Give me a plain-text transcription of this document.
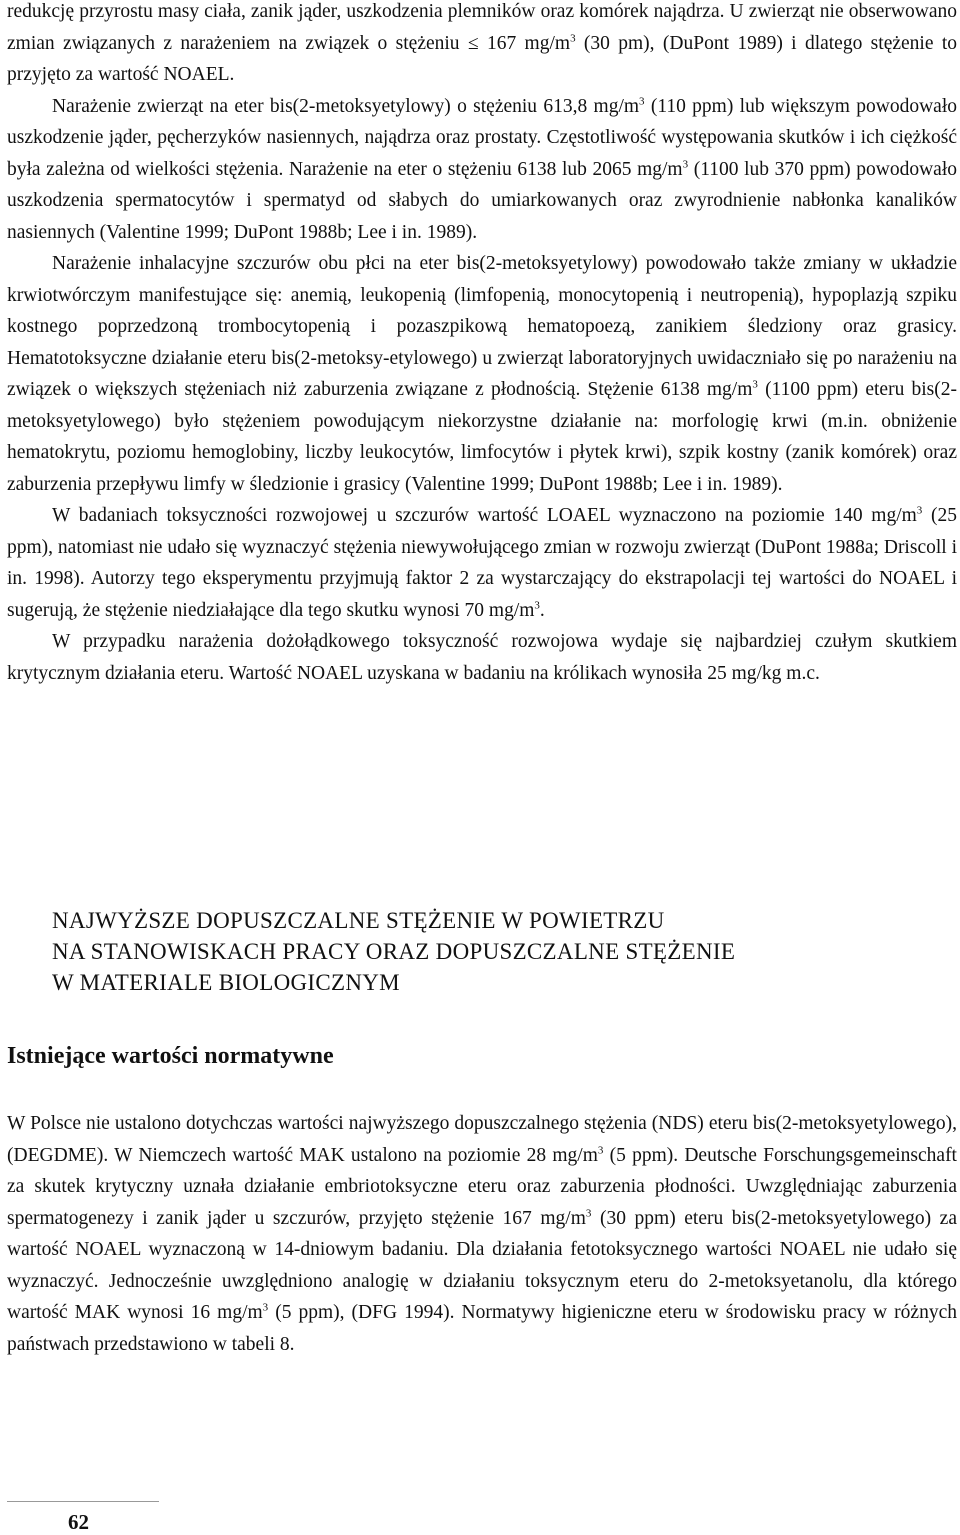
redukcję przyrostu masy ciała, zanik jąder, uszkodzenia plemników oraz komórek najądrza. U zwierząt nie obserwowano zmian związanych z narażeniem na związek o stężeniu ≤ 167 $mg/m^3$ (30 pm), (DuPont 1989) i dlatego stężenie to przyjęto za wartość NOAEL.

Narażenie zwierząt na eter bis(2-metoksyetylowy) o stężeniu 613,8 $mg/m^3$ (110 ppm) lub większym powodowało uszkodzenie jąder, pęcherzyków nasiennych, najądrza oraz prostaty. Częstotliwość występowania skutków i ich ciężkość była zależna od wielkości stężenia. Narażenie na eter o stężeniu 6138 lub 2065 $mg/m^3$ (1100 lub 370 ppm) powodowało uszkodzenia spermatocytów i spermatyd od słabych do umiarkowanych oraz zwyrodnienie nabłonka kanalików nasiennych (Valentine 1999; DuPont 1988b; Lee i in. 1989).

Narażenie inhalacyjne szczurów obu płci na eter bis(2-metoksyetylowy) powodowało także zmiany w układzie krwiotwórczym manifestujące się: anemią, leukopenią (limfopenią, monocytopenią i neutropenią), hypoplazją szpiku kostnego poprzedzoną trombocytopenią i pozaszpikową hematopoezą, zanikiem śledziony oraz grasicy. Hematotoksyczne działanie eteru bis(2-metoksy-etylowego) u zwierząt laboratoryjnych uwidaczniało się po narażeniu na związek o większych stężeniach niż zaburzenia związane z płodnością. Stężenie 6138 $mg/m^3$ (1100 ppm) eteru bis(2-metoksyetylowego) było stężeniem powodującym niekorzystne działanie na: morfologię krwi (m.in. obniżenie hematokrytu, poziomu hemoglobiny, liczby leukocytów, limfocytów i płytek krwi), szpik kostny (zanik komórek) oraz zaburzenia przepływu limfy w śledzionie i grasicy (Valentine 1999; DuPont 1988b; Lee i in. 1989).

W badaniach toksyczności rozwojowej u szczurów wartość LOAEL wyznaczono na poziomie 140 $mg/m^3$ (25 ppm), natomiast nie udało się wyznaczyć stężenia niewywołującego zmian w rozwoju zwierząt (DuPont 1988a; Driscoll i in. 1998). Autorzy tego eksperymentu przyjmują faktor 2 za wystarczający do ekstrapolacji tej wartości do NOAEL i sugerują, że stężenie niedziałające dla tego skutku wynosi 70 $mg/m^3$.

W przypadku narażenia dożołądkowego toksyczność rozwojowa wydaje się najbardziej czułym skutkiem krytycznym działania eteru. Wartość NOAEL uzyskana w badaniu na królikach wynosiła 25 mg/kg m.c.

NAJWYŻSZE DOPUSZCZALNE STĘŻENIE W POWIETRZU
NA STANOWISKACH PRACY ORAZ DOPUSZCZALNE STĘŻENIE
W MATERIALE BIOLOGICZNYM
Istniejące wartości normatywne

W Polsce nie ustalono dotychczas wartości najwyższego dopuszczalnego stężenia (NDS) eteru bis(2-metoksyetylowego), (DEGDME). W Niemczech wartość MAK ustalono na poziomie 28 $mg/m^3$ (5 ppm). Deutsche Forschungsgemeinschaft za skutek krytyczny uznała działanie embriotoksyczne eteru oraz zaburzenia płodności. Uwzględniając zaburzenia spermatogenezy i zanik jąder u szczurów, przyjęto stężenie 167 $mg/m^3$ (30 ppm) eteru bis(2-metoksyetylowego) za wartość NOAEL wyznaczoną w 14-dniowym badaniu. Dla działania fetotoksycznego wartości NOAEL nie udało się wyznaczyć. Jednocześnie uwzględniono analogię w działaniu toksycznym eteru do 2-metoksyetanolu, dla którego wartość MAK wynosi 16 $mg/m^3$ (5 ppm), (DFG 1994). Normatywy higieniczne eteru w środowisku pracy w różnych państwach przedstawiono w tabeli 8.

62
